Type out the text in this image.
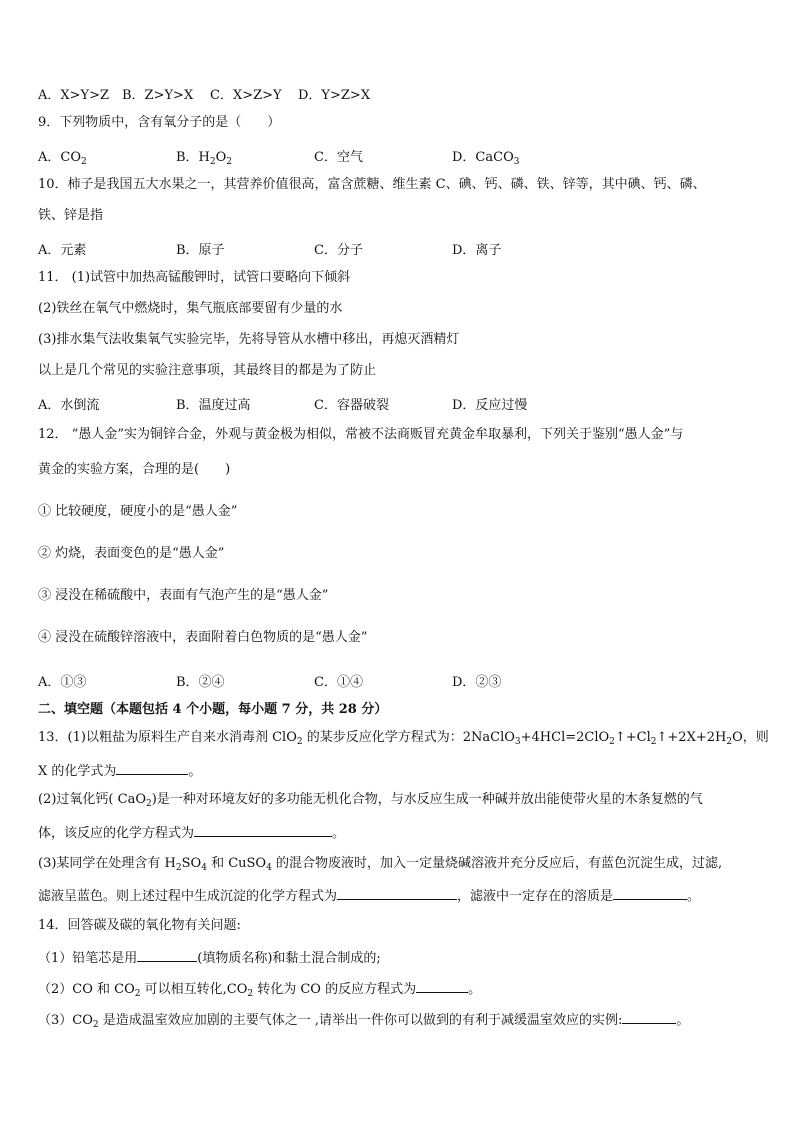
A．X>Y>Z B．Z>Y>X C．X>Z>Y D．Y>Z>X
9．下列物质中，含有氧分子的是（　　）
A．$CO_2$	B．$H_2O_2$	C．空气	D．CaCO$_3$
10．柿子是我国五大水果之一，其营养价值很高，富含蔗糖、维生素 C、碘、钙、磷、铁、锌等，其中碘、钙、磷、
铁、锌是指
A．元素	B．原子	C．分子	D．离子
11． (1)试管中加热高锰酸钾时，试管口要略向下倾斜
(2)铁丝在氧气中燃烧时，集气瓶底部要留有少量的水
(3)排水集气法收集氧气实验完毕，先将导管从水槽中移出，再熄灭酒精灯
以上是几个常见的实验注意事项，其最终目的都是为了防止
A．水倒流	B．温度过高	C．容器破裂	D．反应过慢
12． “愚人金”实为铜锌合金，外观与黄金极为相似，常被不法商贩冒充黄金牟取暴利，下列关于鉴别“愚人金”与
黄金的实验方案，合理的是(　　)
① 比较硬度，硬度小的是“愚人金”
② 灼烧，表面变色的是“愚人金”
③ 浸没在稀硫酸中，表面有气泡产生的是“愚人金”
④ 浸没在硫酸锌溶液中，表面附着白色物质的是“愚人金”
A．①③	B．②④	C．①④	D．②③
二、填空题（本题包括 4 个小题，每小题 7 分，共 28 分）
13．(1)以粗盐为原料生产自来水消毒剂 ClO$_2$ 的某步反应化学方程式为：$2NaClO_3+4HCl=2ClO_2↑+Cl_2↑+2X+2H_2O$，则
X 的化学式为	。
(2)过氧化钙( CaO$_2$)是一种对环境友好的多功能无机化合物，与水反应生成一种碱并放出能使带火星的木条复燃的气
体，该反应的化学方程式为	。
(3)某同学在处理含有 $H_2SO_4$ 和 CuSO$_4$ 的混合物废液时，加入一定量烧碱溶液并充分反应后，有蓝色沉淀生成，过滤,
滤液呈蓝色。则上述过程中生成沉淀的化学方程式为	，滤液中一定存在的溶质是	。
14．回答碳及碳的氧化物有关问题:
（1）铅笔芯是用	(填物质名称)和黏土混合制成的;
（2）CO 和 $CO_2$ 可以相互转化$,CO_2$ 转化为 CO 的反应方程式为	。
$(3)CO_2$ 是造成温室效应加剧的主要气体之一 ,请举出一件你可以做到的有利于减缓温室效应的实例:	。
